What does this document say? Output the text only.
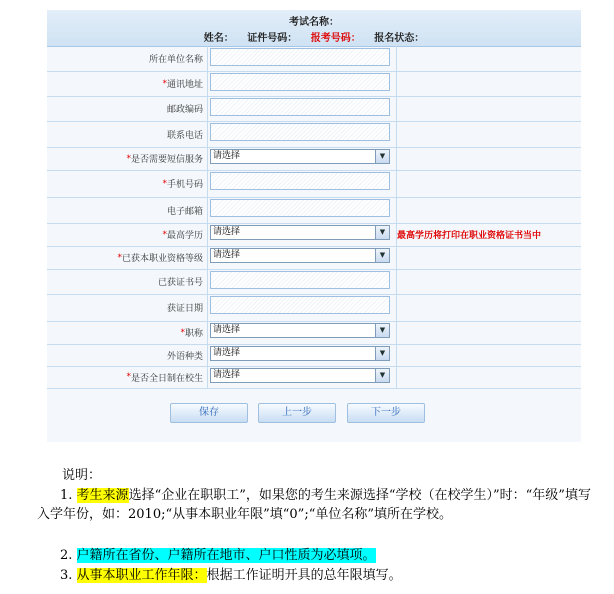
考试名称：
姓名： 证件号码： 报考号码： 报名状态：
所在单位名称
* 通讯地址
邮政编码
联系电话
* 是否需要短信服务	请选择	▼
* 手机号码
电子邮箱
* 最高学历	请选择	▼	最高学历将打印在职业资格证书当中
* 已获本职业资格等级	请选择	▼
已获证书号
获证日期
* 职称	请选择	▼
外语种类	请选择	▼
* 是否全日制在校生	请选择	▼
保存	上一步	下一步
说明：
1. 考生来源选择“企业在职职工”，如果您的考生来源选择“学校（在校学生）”时：“年级”填写入学年份，如：2010;“从事本职业年限”填“0”;“单位名称”填所在学校。
2. 户籍所在省份、户籍所在地市、户口性质为必填项。
3. 从事本职业工作年限：根据工作证明开具的总年限填写。
